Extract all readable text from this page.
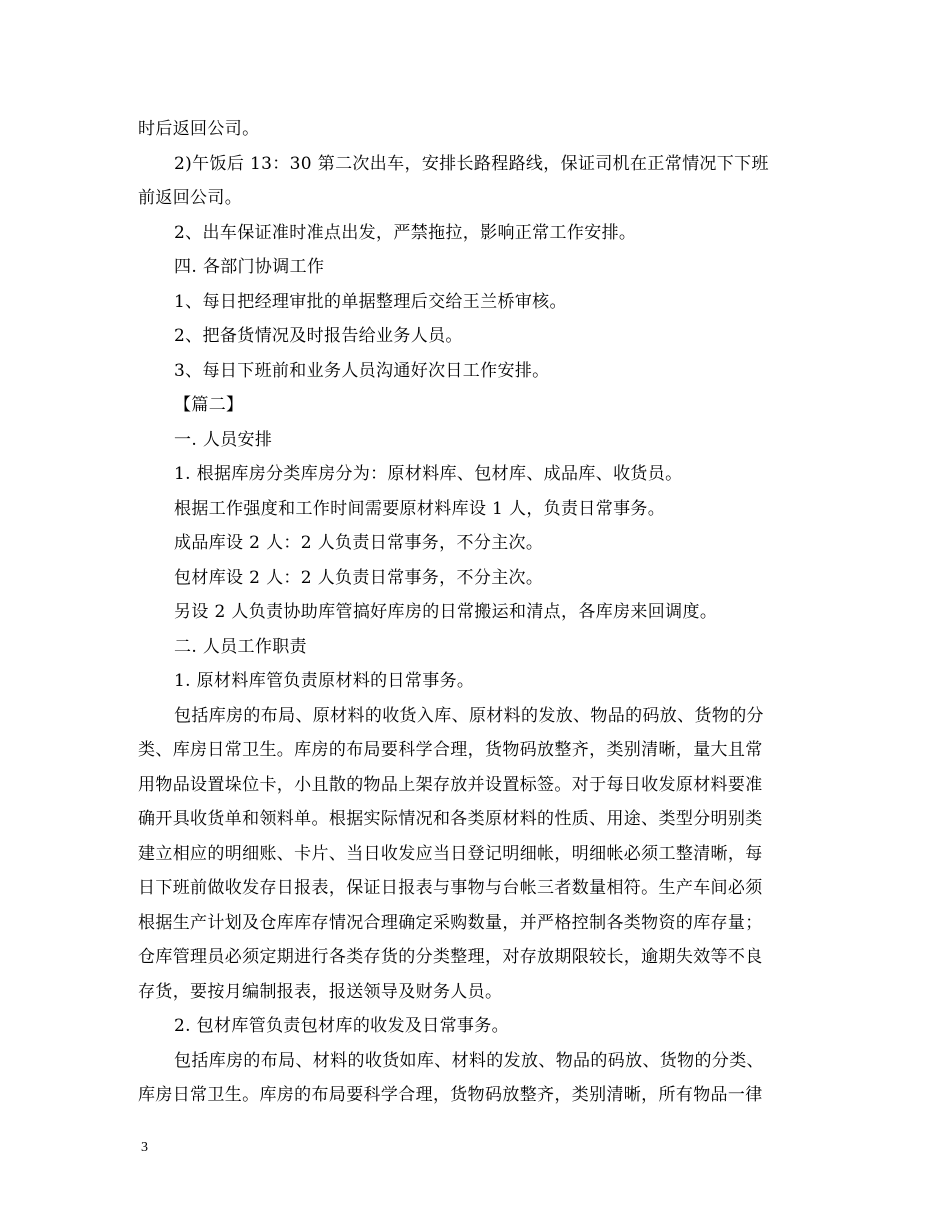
时后返回公司。
2)午饭后 13：30 第二次出车，安排长路程路线，保证司机在正常情况下下班
前返回公司。
2、出车保证准时准点出发，严禁拖拉，影响正常工作安排。
四. 各部门协调工作
1、每日把经理审批的单据整理后交给王兰桥审核。
2、把备货情况及时报告给业务人员。
3、每日下班前和业务人员沟通好次日工作安排。
【篇二】
一. 人员安排
1. 根据库房分类库房分为：原材料库、包材库、成品库、收货员。
根据工作强度和工作时间需要原材料库设 1 人，负责日常事务。
成品库设 2 人：2 人负责日常事务，不分主次。
包材库设 2 人：2 人负责日常事务，不分主次。
另设 2 人负责协助库管搞好库房的日常搬运和清点，各库房来回调度。
二. 人员工作职责
1. 原材料库管负责原材料的日常事务。
包括库房的布局、原材料的收货入库、原材料的发放、物品的码放、货物的分
类、库房日常卫生。库房的布局要科学合理，货物码放整齐，类别清晰，量大且常
用物品设置垛位卡，小且散的物品上架存放并设置标签。对于每日收发原材料要准
确开具收货单和领料单。根据实际情况和各类原材料的性质、用途、类型分明别类
建立相应的明细账、卡片、当日收发应当日登记明细帐，明细帐必须工整清晰，每
日下班前做收发存日报表，保证日报表与事物与台帐三者数量相符。生产车间必须
根据生产计划及仓库库存情况合理确定采购数量，并严格控制各类物资的库存量；
仓库管理员必须定期进行各类存货的分类整理，对存放期限较长，逾期失效等不良
存货，要按月编制报表，报送领导及财务人员。
2. 包材库管负责包材库的收发及日常事务。
包括库房的布局、材料的收货如库、材料的发放、物品的码放、货物的分类、
库房日常卫生。库房的布局要科学合理，货物码放整齐，类别清晰，所有物品一律
3
